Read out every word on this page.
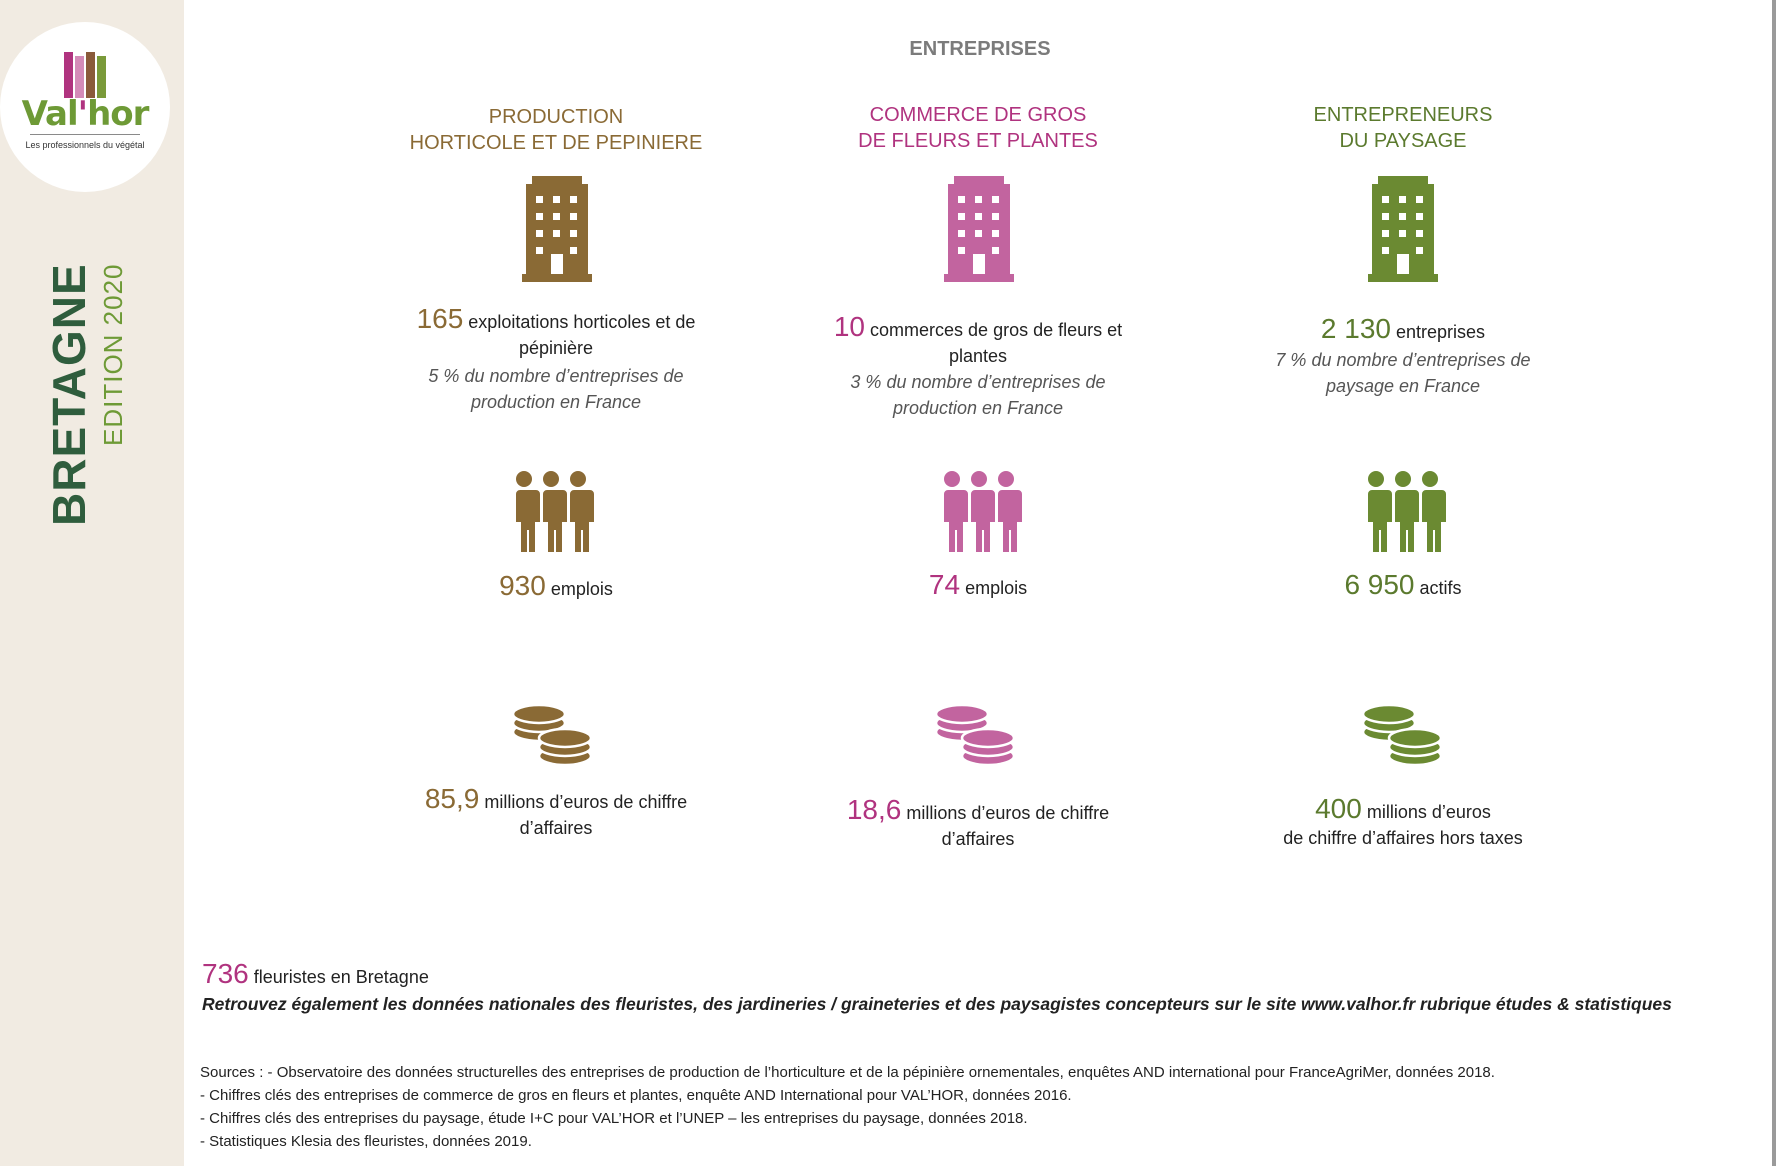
Val'hor
Les professionnels du végétal
BRETAGNE EDITION 2020
ENTREPRISES
PRODUCTION
HORTICOLE ET DE PEPINIERE
165 exploitations horticoles et de
pépinière
5 % du nombre d’entreprises de
production en France
930 emplois
85,9 millions d’euros de chiffre
d’affaires
COMMERCE DE GROS
DE FLEURS ET PLANTES
10 commerces de gros de fleurs et
plantes
3 % du nombre d’entreprises de
production en France
74 emplois
18,6 millions d’euros de chiffre
d’affaires
ENTREPRENEURS
DU PAYSAGE
2 130 entreprises
7 % du nombre d’entreprises de
paysage en France
6 950 actifs
400 millions d’euros
de chiffre d’affaires hors taxes
736 fleuristes en Bretagne
Retrouvez également les données nationales des fleuristes, des jardineries / graineteries et des paysagistes concepteurs sur le site www.valhor.fr rubrique études & statistiques
Sources : - Observatoire des données structurelles des entreprises de production de l’horticulture et de la pépinière ornementales, enquêtes AND international pour FranceAgriMer, données 2018.
- Chiffres clés des entreprises de commerce de gros en fleurs et plantes, enquête AND International pour VAL’HOR, données 2016.
- Chiffres clés des entreprises du paysage, étude I+C pour VAL’HOR et l’UNEP – les entreprises du paysage, données 2018.
- Statistiques Klesia des fleuristes, données 2019.
